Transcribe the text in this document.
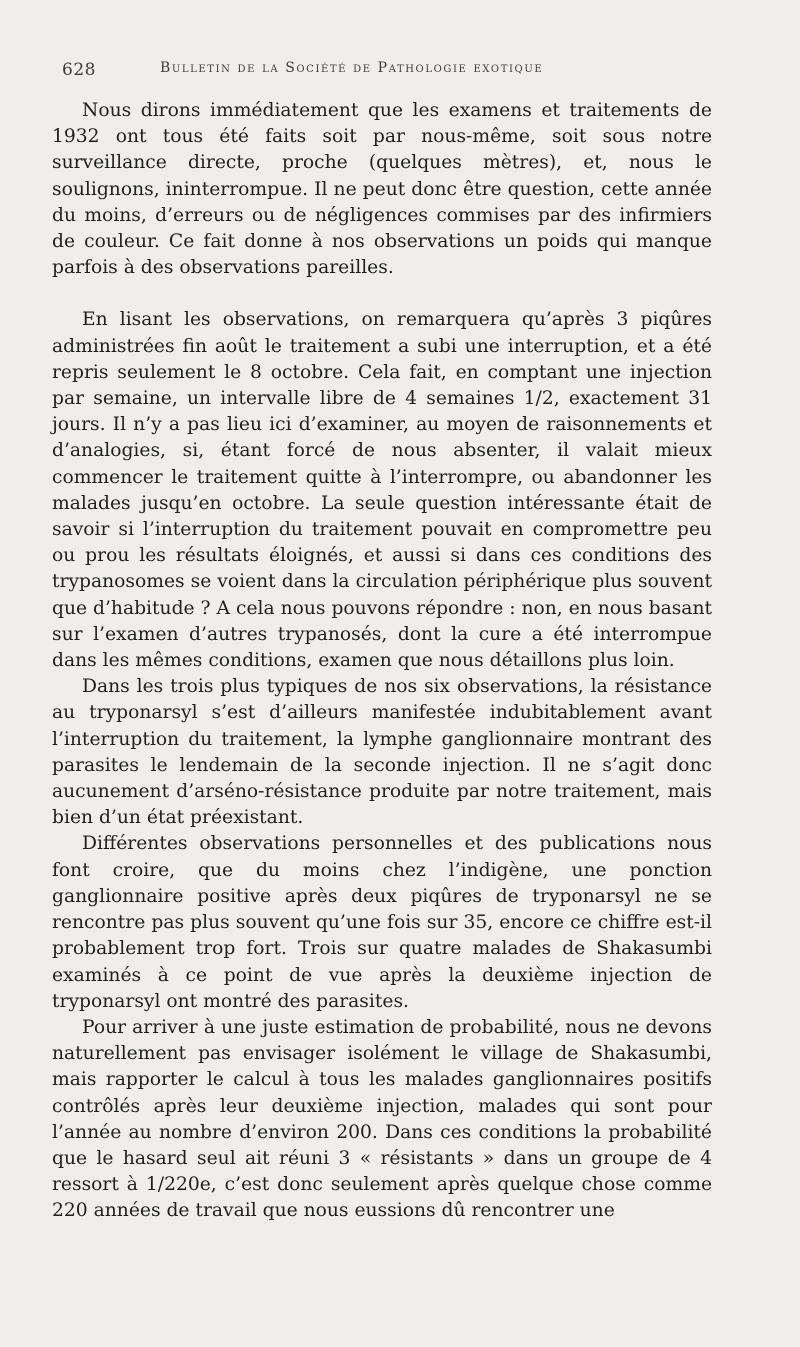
628	Bulletin de la Société de Pathologie exotique

Nous dirons immédiatement que les examens et traitements de 1932 ont tous été faits soit par nous-même, soit sous notre surveillance directe, proche (quelques mètres), et, nous le soulignons, ininterrompue. Il ne peut donc être question, cette année du moins, d’erreurs ou de négligences commises par des infirmiers de couleur. Ce fait donne à nos observations un poids qui manque parfois à des observations pareilles.

En lisant les observations, on remarquera qu’après 3 piqûres administrées fin août le traitement a subi une interruption, et a été repris seulement le 8 octobre. Cela fait, en comptant une injection par semaine, un intervalle libre de 4 semaines 1/2, exactement 31 jours. Il n’y a pas lieu ici d’examiner, au moyen de raisonnements et d’analogies, si, étant forcé de nous absenter, il valait mieux commencer le traitement quitte à l’interrompre, ou abandonner les malades jusqu’en octobre. La seule question intéressante était de savoir si l’interruption du traitement pouvait en compromettre peu ou prou les résultats éloignés, et aussi si dans ces conditions des trypanosomes se voient dans la circulation périphérique plus souvent que d’habitude ? A cela nous pouvons répondre : non, en nous basant sur l’examen d’autres trypanosés, dont la cure a été interrompue dans les mêmes conditions, examen que nous détaillons plus loin.

Dans les trois plus typiques de nos six observations, la résistance au tryponarsyl s’est d’ailleurs manifestée indubitablement avant l’interruption du traitement, la lymphe ganglionnaire montrant des parasites le lendemain de la seconde injection. Il ne s’agit donc aucunement d’arséno-résistance produite par notre traitement, mais bien d’un état préexistant.

Différentes observations personnelles et des publications nous font croire, que du moins chez l’indigène, une ponction ganglionnaire positive après deux piqûres de tryponarsyl ne se rencontre pas plus souvent qu’une fois sur 35, encore ce chiffre est-il probablement trop fort. Trois sur quatre malades de Shakasumbi examinés à ce point de vue après la deuxième injection de tryponarsyl ont montré des parasites.

Pour arriver à une juste estimation de probabilité, nous ne devons naturellement pas envisager isolément le village de Shakasumbi, mais rapporter le calcul à tous les malades ganglionnaires positifs contrôlés après leur deuxième injection, malades qui sont pour l’année au nombre d’environ 200. Dans ces conditions la probabilité que le hasard seul ait réuni 3 « résistants » dans un groupe de 4 ressort à 1/220e, c’est donc seulement après quelque chose comme 220 années de travail que nous eussions dû rencontrer une
